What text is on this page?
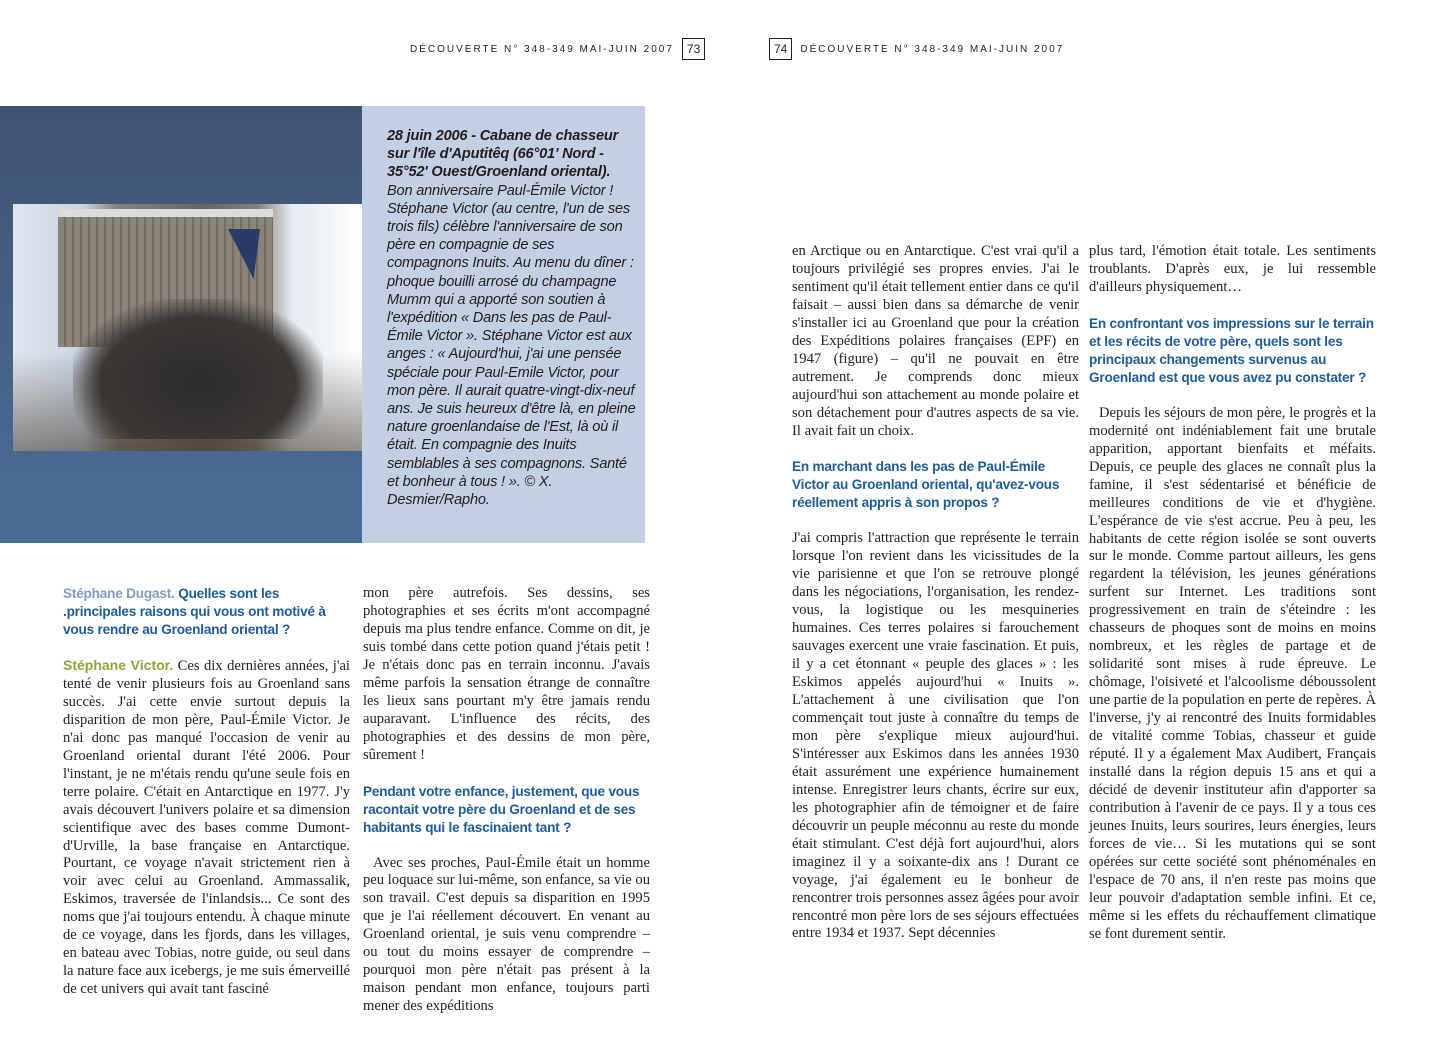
DÉCOUVERTE N° 348-349 MAI-JUIN 2007	73	74	DÉCOUVERTE N° 348-349 MAI-JUIN 2007
28 juin 2006 - Cabane de chasseur sur l'île d'Aputitêq (66°01' Nord - 35°52' Ouest/Groenland oriental). Bon anniversaire Paul-Émile Victor ! Stéphane Victor (au centre, l'un de ses trois fils) célèbre l'anniversaire de son père en compagnie de ses compagnons Inuits. Au menu du dîner : phoque bouilli arrosé du champagne Mumm qui a apporté son soutien à l'expédition « Dans les pas de Paul-Émile Victor ». Stéphane Victor est aux anges : « Aujourd'hui, j'ai une pensée spéciale pour Paul-Emile Victor, pour mon père. Il aurait quatre-vingt-dix-neuf ans. Je suis heureux d'être là, en pleine nature groenlandaise de l'Est, là où il était. En compagnie des Inuits semblables à ses compagnons. Santé et bonheur à tous ! ». © X. Desmier/Rapho.

Stéphane Dugast. Quelles sont les .principales raisons qui vous ont motivé à vous rendre au Groenland oriental ?

Stéphane Victor. Ces dix dernières années, j'ai tenté de venir plusieurs fois au Groenland sans succès. J'ai cette envie surtout depuis la disparition de mon père, Paul-Émile Victor. Je n'ai donc pas manqué l'occasion de venir au Groenland oriental durant l'été 2006. Pour l'instant, je ne m'étais rendu qu'une seule fois en terre polaire. C'était en Antarctique en 1977. J'y avais découvert l'univers polaire et sa dimension scientifique avec des bases comme Dumont-d'Urville, la base française en Antarctique. Pourtant, ce voyage n'avait strictement rien à voir avec celui au Groenland. Ammassalik, Eskimos, traversée de l'inlandsis... Ce sont des noms que j'ai toujours entendu. À chaque minute de ce voyage, dans les fjords, dans les villages, en bateau avec Tobias, notre guide, ou seul dans la nature face aux icebergs, je me suis émerveillé de cet univers qui avait tant fasciné

mon père autrefois. Ses dessins, ses photographies et ses écrits m'ont accompagné depuis ma plus tendre enfance. Comme on dit, je suis tombé dans cette potion quand j'étais petit ! Je n'étais donc pas en terrain inconnu. J'avais même parfois la sensation étrange de connaître les lieux sans pourtant m'y être jamais rendu auparavant. L'influence des récits, des photographies et des dessins de mon père, sûrement !

Pendant votre enfance, justement, que vous racontait votre père du Groenland et de ses habitants qui le fascinaient tant ?

Avec ses proches, Paul-Émile était un homme peu loquace sur lui-même, son enfance, sa vie ou son travail. C'est depuis sa disparition en 1995 que je l'ai réellement découvert. En venant au Groenland oriental, je suis venu comprendre – ou tout du moins essayer de comprendre – pourquoi mon père n'était pas présent à la maison pendant mon enfance, toujours parti mener des expéditions

en Arctique ou en Antarctique. C'est vrai qu'il a toujours privilégié ses propres envies. J'ai le sentiment qu'il était tellement entier dans ce qu'il faisait – aussi bien dans sa démarche de venir s'installer ici au Groenland que pour la création des Expéditions polaires françaises (EPF) en 1947 (figure) – qu'il ne pouvait en être autrement. Je comprends donc mieux aujourd'hui son attachement au monde polaire et son détachement pour d'autres aspects de sa vie. Il avait fait un choix.

En marchant dans les pas de Paul-Émile Victor au Groenland oriental, qu'avez-vous réellement appris à son propos ?

J'ai compris l'attraction que représente le terrain lorsque l'on revient dans les vicissitudes de la vie parisienne et que l'on se retrouve plongé dans les négociations, l'organisation, les rendez-vous, la logistique ou les mesquineries humaines. Ces terres polaires si farouchement sauvages exercent une vraie fascination. Et puis, il y a cet étonnant « peuple des glaces » : les Eskimos appelés aujourd'hui « Inuits ». L'attachement à une civilisation que l'on commençait tout juste à connaître du temps de mon père s'explique mieux aujourd'hui. S'intéresser aux Eskimos dans les années 1930 était assurément une expérience humainement intense. Enregistrer leurs chants, écrire sur eux, les photographier afin de témoigner et de faire découvrir un peuple méconnu au reste du monde était stimulant. C'est déjà fort aujourd'hui, alors imaginez il y a soixante-dix ans ! Durant ce voyage, j'ai également eu le bonheur de rencontrer trois personnes assez âgées pour avoir rencontré mon père lors de ses séjours effectuées entre 1934 et 1937. Sept décennies

plus tard, l'émotion était totale. Les sentiments troublants. D'après eux, je lui ressemble d'ailleurs physiquement…

En confrontant vos impressions sur le terrain et les récits de votre père, quels sont les principaux changements survenus au Groenland est que vous avez pu constater ?

Depuis les séjours de mon père, le progrès et la modernité ont indéniablement fait une brutale apparition, apportant bienfaits et méfaits. Depuis, ce peuple des glaces ne connaît plus la famine, il s'est sédentarisé et bénéficie de meilleures conditions de vie et d'hygiène. L'espérance de vie s'est accrue. Peu à peu, les habitants de cette région isolée se sont ouverts sur le monde. Comme partout ailleurs, les gens regardent la télévision, les jeunes générations surfent sur Internet. Les traditions sont progressivement en train de s'éteindre : les chasseurs de phoques sont de moins en moins nombreux, et les règles de partage et de solidarité sont mises à rude épreuve. Le chômage, l'oisiveté et l'alcoolisme déboussolent une partie de la population en perte de repères. À l'inverse, j'y ai rencontré des Inuits formidables de vitalité comme Tobias, chasseur et guide réputé. Il y a également Max Audibert, Français installé dans la région depuis 15 ans et qui a décidé de devenir instituteur afin d'apporter sa contribution à l'avenir de ce pays. Il y a tous ces jeunes Inuits, leurs sourires, leurs énergies, leurs forces de vie… Si les mutations qui se sont opérées sur cette société sont phénoménales en l'espace de 70 ans, il n'en reste pas moins que leur pouvoir d'adaptation semble infini. Et ce, même si les effets du réchauffement climatique se font durement sentir.
